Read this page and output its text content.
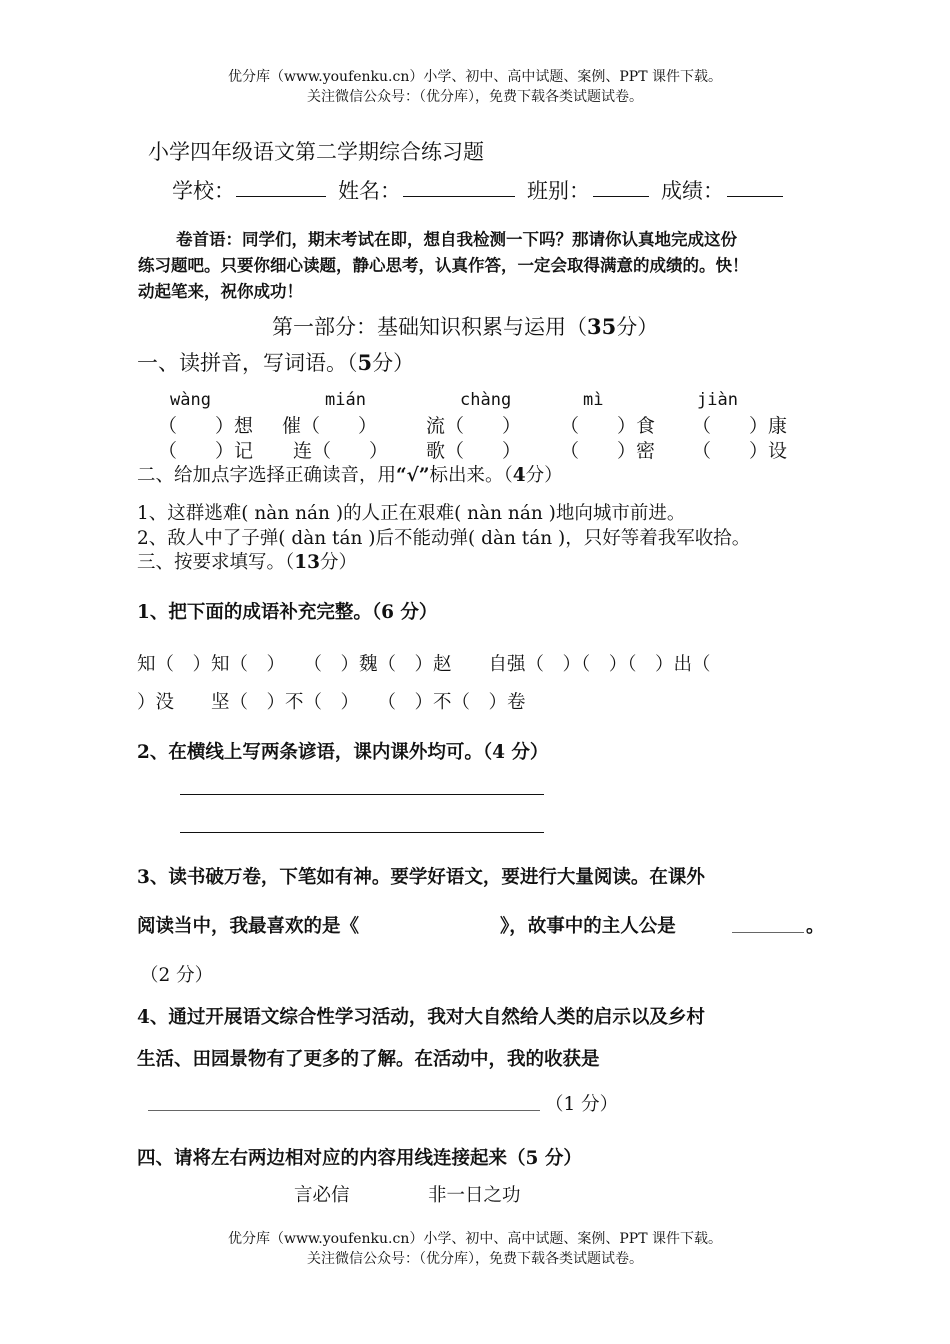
优分库（www.youfenku.cn）小学、初中、高中试题、案例、PPT 课件下载。
关注微信公众号：（优分库），免费下载各类试题试卷。
小学四年级语文第二学期综合练习题
学校：	姓名：	班别：	成绩：
卷首语：同学们，期末考试在即，想自我检测一下吗？那请你认真地完成这份
练习题吧。只要你细心读题，静心思考，认真作答，一定会取得满意的成绩的。快！
动起笔来，祝你成功！
第一部分：基础知识积累与运用（35分）
一、读拼音，写词语。（5分）
wàng	mián	chàng	mì	jiàn
（　　）想 催（　　）	流（　　） （　　）食 （　　）康
（　　）记 连（　　） 歌（　　） （　　）密 （　　）设
二、给加点字选择正确读音，用“√”标出来。（4分）
1、这群逃难( nàn nán )的人正在艰难( nàn nán )地向城市前进。
2、敌人中了子弹( dàn tán )后不能动弹( dàn tán )，只好等着我军收拾。
三、按要求填写。（13分）
1、把下面的成语补充完整。（6 分）
知（　）知（　）　　（　）魏（　）赵　　自强（　）（　）（　）出（
）没　　坚（　）不（　）　　（　）不（　）卷
2、在横线上写两条谚语，课内课外均可。（4 分）
3、读书破万卷，下笔如有神。要学好语文，要进行大量阅读。在课外
阅读当中，我最喜欢的是《	》，故事中的主人公是	。
（2 分）
4、通过开展语文综合性学习活动，我对大自然给人类的启示以及乡村
生活、田园景物有了更多的了解。在活动中，我的收获是
（1 分）
四、请将左右两边相对应的内容用线连接起来（5 分）
言必信	非一日之功
优分库（www.youfenku.cn）小学、初中、高中试题、案例、PPT 课件下载。
关注微信公众号：（优分库），免费下载各类试题试卷。
